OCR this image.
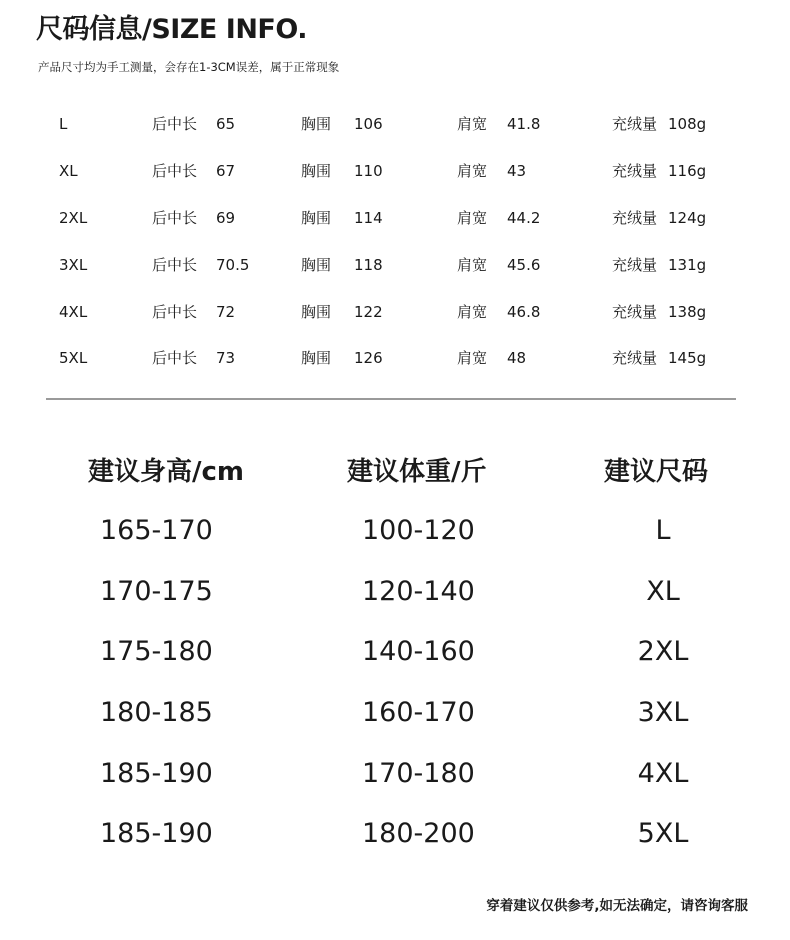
尺码信息/SIZE INFO.
产品尺寸均为手工测量，会存在1-3CM误差，属于正常现象
L	后中长 65	胸围 106	肩宽 41.8	充绒量 108g
XL	后中长 67	胸围 110	肩宽 43	充绒量 116g
2XL	后中长 69	胸围 114	肩宽 44.2	充绒量 124g
3XL	后中长 70.5	胸围 118	肩宽 45.6	充绒量 131g
4XL	后中长 72	胸围 122	肩宽 46.8	充绒量 138g
5XL	后中长 73	胸围 126	肩宽 48	充绒量 145g
建议身高/cm	建议体重/斤	建议尺码
165-170	100-120	L
170-175	120-140	XL
175-180	140-160	2XL
180-185	160-170	3XL
185-190	170-180	4XL
185-190	180-200	5XL
穿着建议仅供参考,如无法确定，请咨询客服
